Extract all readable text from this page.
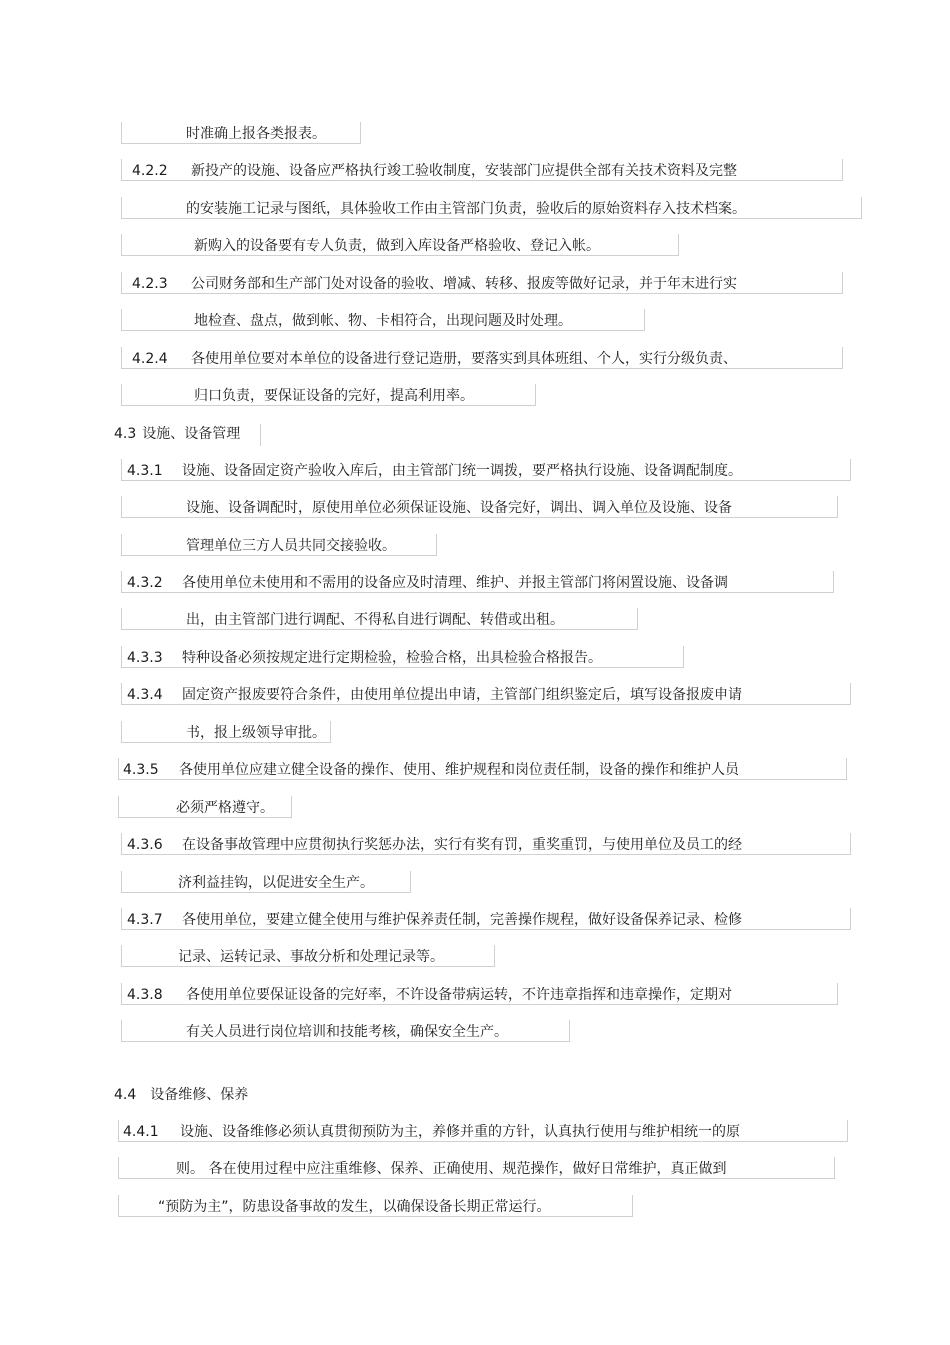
时准确上报各类报表。
4.2.2 新投产的设施、设备应严格执行竣工验收制度，安装部门应提供全部有关技术资料及完整
的安装施工记录与图纸，具体验收工作由主管部门负责，验收后的原始资料存入技术档案。
新购入的设备要有专人负责，做到入库设备严格验收、登记入帐。
4.2.3 公司财务部和生产部门处对设备的验收、增减、转移、报废等做好记录，并于年末进行实
地检查、盘点，做到帐、物、卡相符合，出现问题及时处理。
4.2.4 各使用单位要对本单位的设备进行登记造册，要落实到具体班组、个人，实行分级负责、
归口负责，要保证设备的完好，提高利用率。
4.3 设施、设备管理
4.3.1 设施、设备固定资产验收入库后，由主管部门统一调拨，要严格执行设施、设备调配制度。
设施、设备调配时，原使用单位必须保证设施、设备完好，调出、调入单位及设施、设备
管理单位三方人员共同交接验收。
4.3.2 各使用单位未使用和不需用的设备应及时清理、维护、并报主管部门将闲置设施、设备调
出，由主管部门进行调配、不得私自进行调配、转借或出租。
4.3.3 特种设备必须按规定进行定期检验，检验合格，出具检验合格报告。
4.3.4 固定资产报废要符合条件，由使用单位提出申请，主管部门组织鉴定后，填写设备报废申请
书，报上级领导审批。
4.3.5 各使用单位应建立健全设备的操作、使用、维护规程和岗位责任制，设备的操作和维护人员
必须严格遵守。
4.3.6 在设备事故管理中应贯彻执行奖惩办法，实行有奖有罚，重奖重罚，与使用单位及员工的经
济利益挂钩，以促进安全生产。
4.3.7 各使用单位，要建立健全使用与维护保养责任制，完善操作规程，做好设备保养记录、检修
记录、运转记录、事故分析和处理记录等。
4.3.8 各使用单位要保证设备的完好率，不许设备带病运转，不许违章指挥和违章操作，定期对
有关人员进行岗位培训和技能考核，确保安全生产。
4.4 设备维修、保养
4.4.1 设施、设备维修必须认真贯彻预防为主，养修并重的方针，认真执行使用与维护相统一的原
则。 各在使用过程中应注重维修、保养、正确使用、规范操作，做好日常维护，真正做到
“预防为主”，防患设备事故的发生，以确保设备长期正常运行。
